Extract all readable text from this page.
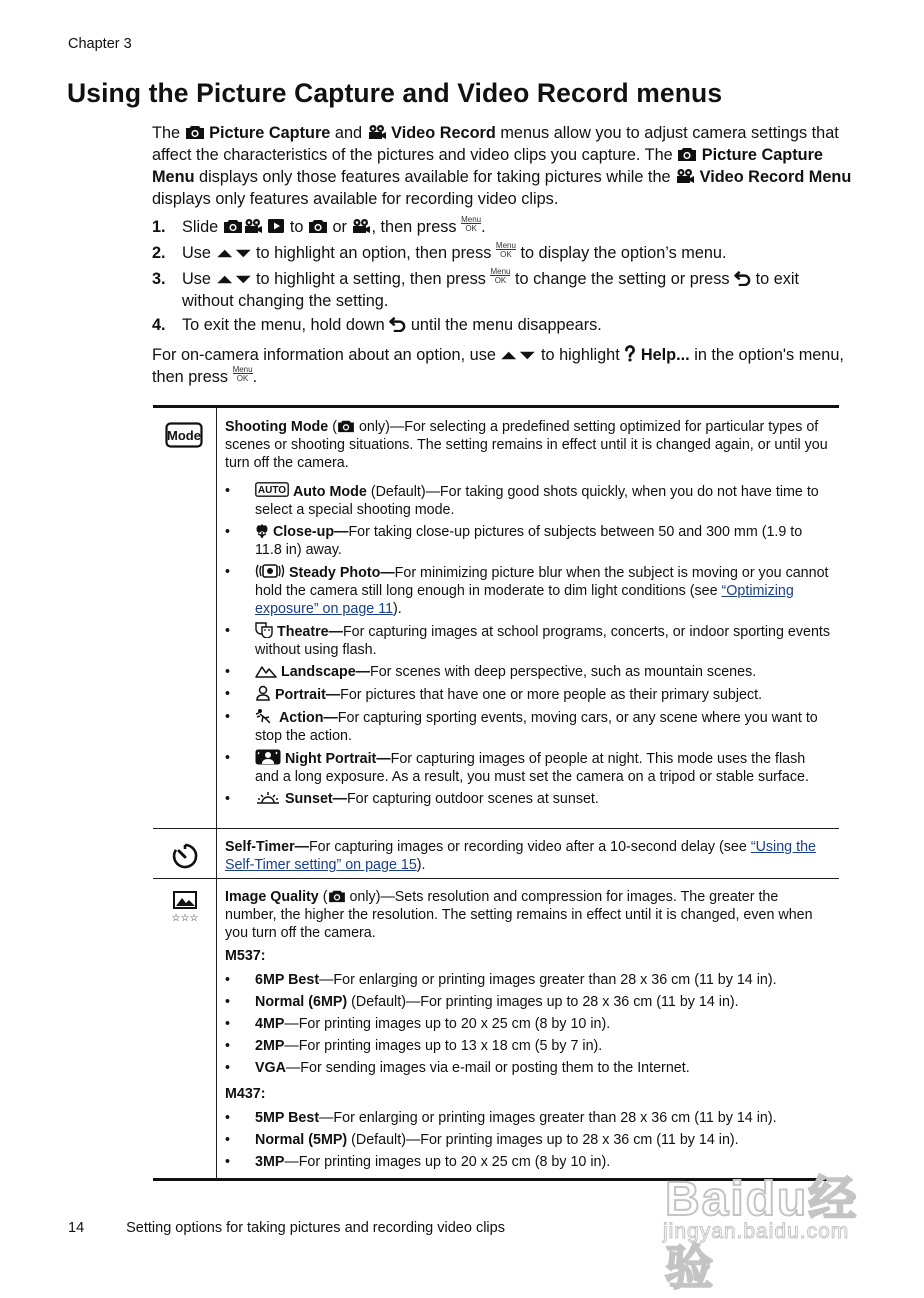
Chapter 3
Using the Picture Capture and Video Record menus
The Picture Capture and Video Record menus allow you to adjust camera settings that affect the characteristics of the pictures and video clips you capture. The Picture Capture Menu displays only those features available for taking pictures while the Video Record Menu displays only features available for recording video clips.
1. Slide
	to or , then press Menu
OK .
2. Use	to highlight an option, then press Menu
OK to display the option’s menu.
3. Use	to highlight a setting, then press Menu
OK to change the setting or press to exit without changing the setting.
4. To exit the menu, hold down until the menu disappears.
For on-camera information about an option, use	to highlight Help... in the option's menu, then press Menu
OK .
Mode

Shooting Mode (
only)—For selecting a predefined setting optimized for particular types of scenes or shooting situations. The setting remains in effect until it is changed again, or until you turn off the camera.

• AUTO Auto Mode (Default)—For taking good shots quickly, when you do not have time to select a special shooting mode.
• Close-up—For taking close-up pictures of subjects between 50 and 300 mm (1.9 to 11.8 in) away.
• Steady Photo—For minimizing picture blur when the subject is moving or you cannot hold the camera still long enough in moderate to dim light conditions (see “Optimizing exposure” on page 11).
• Theatre—For capturing images at school programs, concerts, or indoor sporting events without using flash.
• Landscape—For scenes with deep perspective, such as mountain scenes.
• Portrait—For pictures that have one or more people as their primary subject.
• Action—For capturing sporting events, moving cars, or any scene where you want to stop the action.
• Night Portrait—For capturing images of people at night. This mode uses the flash and a long exposure. As a result, you must set the camera on a tripod or stable surface.
• Sunset—For capturing outdoor scenes at sunset.

Self-Timer—For capturing images or recording video after a 10-second delay (see “Using the Self-Timer setting” on page 15).

☆☆☆

Image Quality (
only)—Sets resolution and compression for images. The greater the number, the higher the resolution. The setting remains in effect until it is changed, even when you turn off the camera.

M537:

• 6MP Best—For enlarging or printing images greater than 28 x 36 cm (11 by 14 in).
• Normal (6MP) (Default)—For printing images up to 28 x 36 cm (11 by 14 in).
• 4MP—For printing images up to 20 x 25 cm (8 by 10 in).
• 2MP—For printing images up to 13 x 18 cm (5 by 7 in).
• VGA—For sending images via e-mail or posting them to the Internet.

M437:

• 5MP Best—For enlarging or printing images greater than 28 x 36 cm (11 by 14 in).
• Normal (5MP) (Default)—For printing images up to 28 x 36 cm (11 by 14 in).
• 3MP—For printing images up to 20 x 25 cm (8 by 10 in).
14	Setting options for taking pictures and recording video clips
Baidu经验
jingyan.baidu.com
